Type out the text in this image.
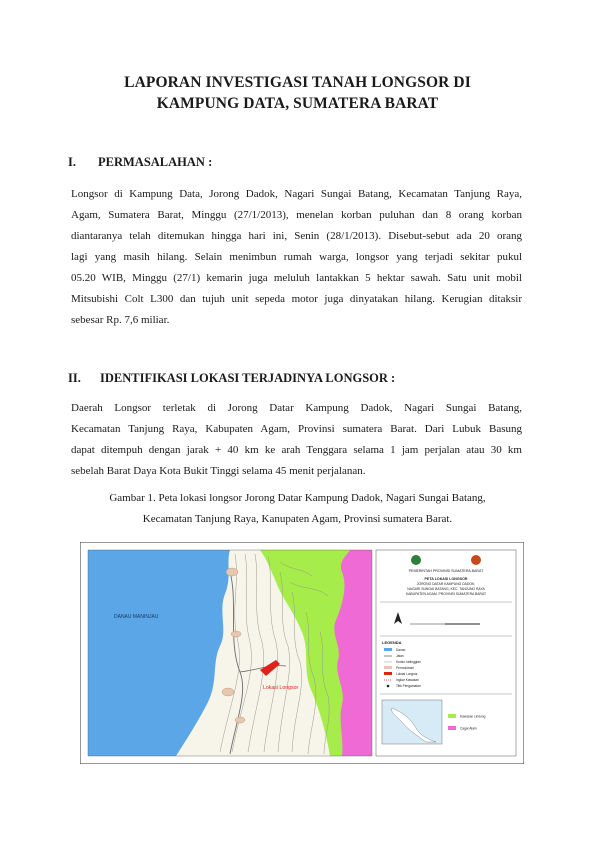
LAPORAN INVESTIGASI TANAH LONGSOR DI
KAMPUNG DATA, SUMATERA BARAT
I. PERMASALAHAN :
Longsor di Kampung Data, Jorong Dadok, Nagari Sungai Batang, Kecamatan Tanjung Raya,
Agam, Sumatera Barat, Minggu (27/1/2013), menelan korban puluhan dan 8 orang korban
diantaranya telah ditemukan hingga hari ini, Senin (28/1/2013). Disebut-sebut ada 20 orang
lagi yang masih hilang. Selain menimbun rumah warga, longsor yang terjadi sekitar pukul
05.20 WIB, Minggu (27/1) kemarin juga meluluh lantakkan 5 hektar sawah. Satu unit mobil
Mitsubishi Colt L300 dan tujuh unit sepeda motor juga dinyatakan hilang. Kerugian ditaksir
sebesar Rp. 7,6 miliar.
II. IDENTIFIKASI LOKASI TERJADINYA LONGSOR :
Daerah Longsor terletak di Jorong Datar Kampung Dadok, Nagari Sungai Batang,
Kecamatan Tanjung Raya, Kabupaten Agam, Provinsi sumatera Barat. Dari Lubuk Basung
dapat ditempuh dengan jarak + 40 km ke arah Tenggara selama 1 jam perjalan atau 30 km
sebelah Barat Daya Kota Bukit Tinggi selama 45 menit perjalanan.
Gambar 1. Peta lokasi longsor Jorong Datar Kampung Dadok, Nagari Sungai Batang,
Kecamatan Tanjung Raya, Kanupaten Agam, Provinsi sumatera Barat.
Lokasi Longsor
DANAU MANINJAU
PEMERINTAH PROVINSI SUMATERA BARAT
PETA LOKASI LONGSOR
JORONG DATAR KAMPUNG DADOK,
NAGARI SUNGAI BATANG, KEC. TANJUNG RAYA
KABUPATEN AGAM, PROVINSI SUMATERA BARAT
LEGENDA
Danau
Jalan
Kontur ketinggian
Permukiman
Lokasi Longsor
Ingkar Kawasan
Titik Pengamatan
Kawasan Lindung
Cagar Alam
